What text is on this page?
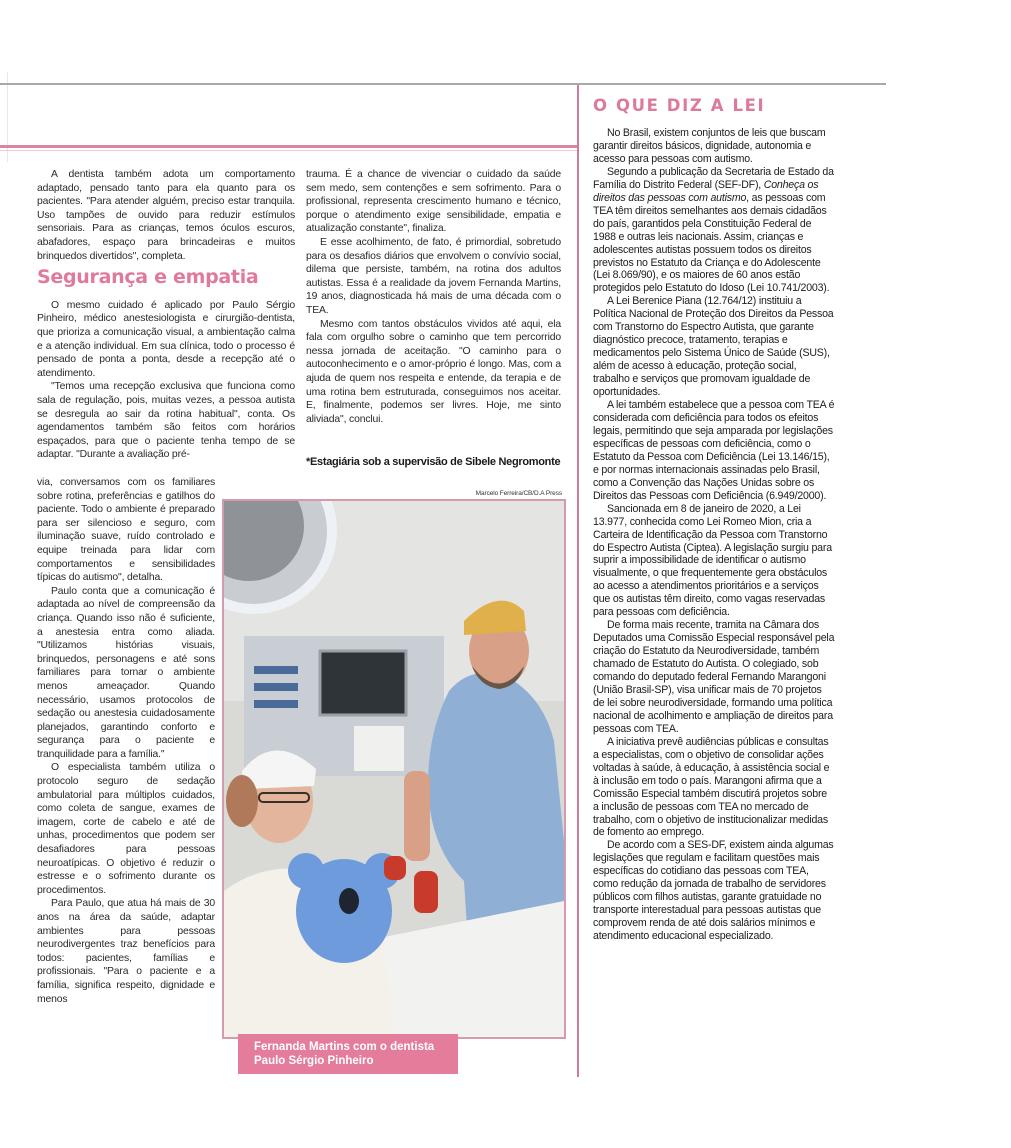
A dentista também adota um comportamento adaptado, pensado tanto para ela quanto para os pacientes. "Para atender alguém, preciso estar tranquila. Uso tampões de ouvido para reduzir estímulos sensoriais. Para as crianças, temos óculos escuros, abafadores, espaço para brincadeiras e muitos brinquedos divertidos", completa.

Segurança e empatia

O mesmo cuidado é aplicado por Paulo Sérgio Pinheiro, médico anestesiologista e cirurgião-dentista, que prioriza a comunicação visual, a ambientação calma e a atenção individual. Em sua clínica, todo o processo é pensado de ponta a ponta, desde a recepção até o atendimento.

"Temos uma recepção exclusiva que funciona como sala de regulação, pois, muitas vezes, a pessoa autista se desregula ao sair da rotina habitual", conta. Os agendamentos também são feitos com horários espaçados, para que o paciente tenha tempo de se adaptar. "Durante a avaliação pré-

via, conversamos com os familiares sobre rotina, preferências e gatilhos do paciente. Todo o ambiente é preparado para ser silencioso e seguro, com iluminação suave, ruído controlado e equipe treinada para lidar com comportamentos e sensibilidades típicas do autismo", detalha.

Paulo conta que a comunicação é adaptada ao nível de compreensão da criança. Quando isso não é suficiente, a anestesia entra como aliada. "Utilizamos histórias visuais, brinquedos, personagens e até sons familiares para tornar o ambiente menos ameaçador. Quando necessário, usamos protocolos de sedação ou anestesia cuidadosamente planejados, garantindo conforto e segurança para o paciente e tranquilidade para a família."

O especialista também utiliza o protocolo seguro de sedação ambulatorial para múltiplos cuidados, como coleta de sangue, exames de imagem, corte de cabelo e até de unhas, procedimentos que podem ser desafiadores para pessoas neuroatípicas. O objetivo é reduzir o estresse e o sofrimento durante os procedimentos.

Para Paulo, que atua há mais de 30 anos na área da saúde, adaptar ambientes para pessoas neurodivergentes traz benefícios para todos: pacientes, famílias e profissionais. "Para o paciente e a família, significa respeito, dignidade e menos

trauma. É a chance de vivenciar o cuidado da saúde sem medo, sem contenções e sem sofrimento. Para o profissional, representa crescimento humano e técnico, porque o atendimento exige sensibilidade, empatia e atualização constante", finaliza.

E esse acolhimento, de fato, é primordial, sobretudo para os desafios diários que envolvem o convívio social, dilema que persiste, também, na rotina dos adultos autistas. Essa é a realidade da jovem Fernanda Martins, 19 anos, diagnosticada há mais de uma década com o TEA.

Mesmo com tantos obstáculos vividos até aqui, ela fala com orgulho sobre o caminho que tem percorrido nessa jornada de aceitação. "O caminho para o autoconhecimento e o amor-próprio é longo. Mas, com a ajuda de quem nos respeita e entende, da terapia e de uma rotina bem estruturada, conseguimos nos aceitar. E, finalmente, podemos ser livres. Hoje, me sinto aliviada", conclui.

*Estagiária sob a supervisão de Sibele Negromonte
Marcelo Ferreira/CB/D.A Press
Fernanda Martins com o dentista
Paulo Sérgio Pinheiro
O QUE DIZ A LEI

No Brasil, existem conjuntos de leis que buscam garantir direitos básicos, dignidade, autonomia e acesso para pessoas com autismo.

Segundo a publicação da Secretaria de Estado da Família do Distrito Federal (SEF-DF), Conheça os direitos das pessoas com autismo, as pessoas com TEA têm direitos semelhantes aos demais cidadãos do país, garantidos pela Constituição Federal de 1988 e outras leis nacionais. Assim, crianças e adolescentes autistas possuem todos os direitos previstos no Estatuto da Criança e do Adolescente (Lei 8.069/90), e os maiores de 60 anos estão protegidos pelo Estatuto do Idoso (Lei 10.741/2003).

A Lei Berenice Piana (12.764/12) instituiu a Política Nacional de Proteção dos Direitos da Pessoa com Transtorno do Espectro Autista, que garante diagnóstico precoce, tratamento, terapias e medicamentos pelo Sistema Único de Saúde (SUS), além de acesso à educação, proteção social, trabalho e serviços que promovam igualdade de oportunidades.

A lei também estabelece que a pessoa com TEA é considerada com deficiência para todos os efeitos legais, permitindo que seja amparada por legislações específicas de pessoas com deficiência, como o Estatuto da Pessoa com Deficiência (Lei 13.146/15), e por normas internacionais assinadas pelo Brasil, como a Convenção das Nações Unidas sobre os Direitos das Pessoas com Deficiência (6.949/2000).

Sancionada em 8 de janeiro de 2020, a Lei 13.977, conhecida como Lei Romeo Mion, cria a Carteira de Identificação da Pessoa com Transtorno do Espectro Autista (Ciptea). A legislação surgiu para suprir a impossibilidade de identificar o autismo visualmente, o que frequentemente gera obstáculos ao acesso a atendimentos prioritários e a serviços que os autistas têm direito, como vagas reservadas para pessoas com deficiência.

De forma mais recente, tramita na Câmara dos Deputados uma Comissão Especial responsável pela criação do Estatuto da Neurodiversidade, também chamado de Estatuto do Autista. O colegiado, sob comando do deputado federal Fernando Marangoni (União Brasil-SP), visa unificar mais de 70 projetos de lei sobre neurodiversidade, formando uma política nacional de acolhimento e ampliação de direitos para pessoas com TEA.

A iniciativa prevê audiências públicas e consultas a especialistas, com o objetivo de consolidar ações voltadas à saúde, à educação, à assistência social e à inclusão em todo o país. Marangoni afirma que a Comissão Especial também discutirá projetos sobre a inclusão de pessoas com TEA no mercado de trabalho, com o objetivo de institucionalizar medidas de fomento ao emprego.

De acordo com a SES-DF, existem ainda algumas legislações que regulam e facilitam questões mais específicas do cotidiano das pessoas com TEA, como redução da jornada de trabalho de servidores públicos com filhos autistas, garante gratuidade no transporte interestadual para pessoas autistas que comprovem renda de até dois salários mínimos e atendimento educacional especializado.
